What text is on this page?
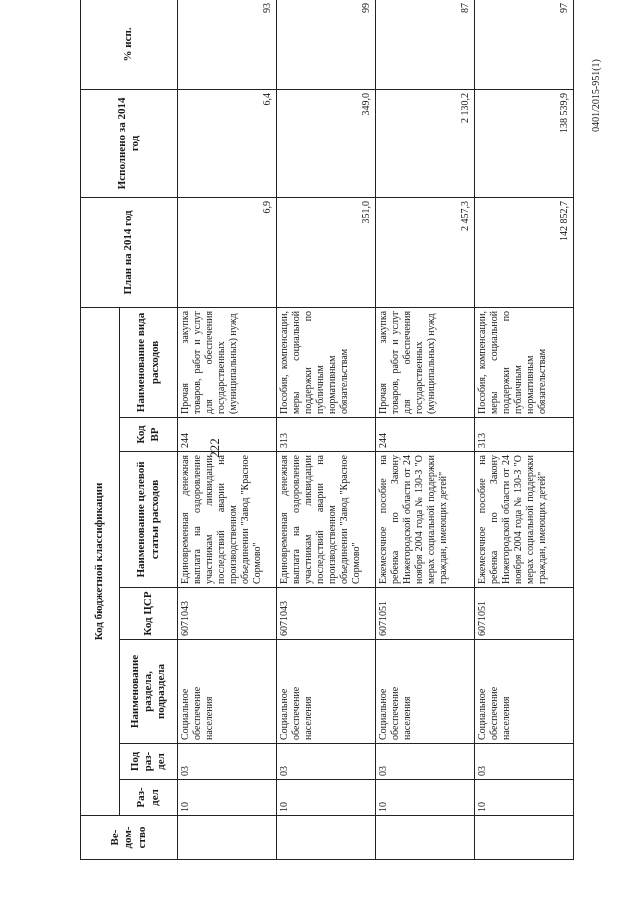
222
0401/2015-951(1)
Ве-дом-ство	Код бюджетной классификации							План на 2014 год	Исполнено за 2014 год	% исп.
	Раз-дел	Под раз-дел	Наименование раздела, подраздела	Код ЦСР	Наименование целевой статьи расходов	Код ВР	Наименование вида расходов			
	10	03	Социальное обеспечение населения	6071043	Единовременная денежная выплата на оздоровление участникам ликвидации последствий аварии на производственном объединении "Завод "Красное Сормово"	244	Прочая закупка товаров, работ и услуг для обеспечения государственных (муниципальных) нужд	6,9	6,4	93
	10	03	Социальное обеспечение населения	6071043	Единовременная денежная выплата на оздоровление участникам ликвидации последствий аварии на производственном объединении "Завод "Красное Сормово"	313	Пособия, компенсации, меры социальной поддержки по публичным нормативным обязательствам	351,0	349,0	99
	10	03	Социальное обеспечение населения	6071051	Ежемесячное пособие на ребенка по Закону Нижегородской области от 24 ноября 2004 года № 130-З "О мерах социальной поддержки граждан, имеющих детей"	244	Прочая закупка товаров, работ и услуг для обеспечения государственных (муниципальных) нужд	2 457,3	2 130,2	87
	10	03	Социальное обеспечение населения	6071051	Ежемесячное пособие на ребенка по Закону Нижегородской области от 24 ноября 2004 года № 130-З "О мерах социальной поддержки граждан, имеющих детей"	313	Пособия, компенсации, меры социальной поддержки по публичным нормативным обязательствам	142 852,7	138 539,9	97
